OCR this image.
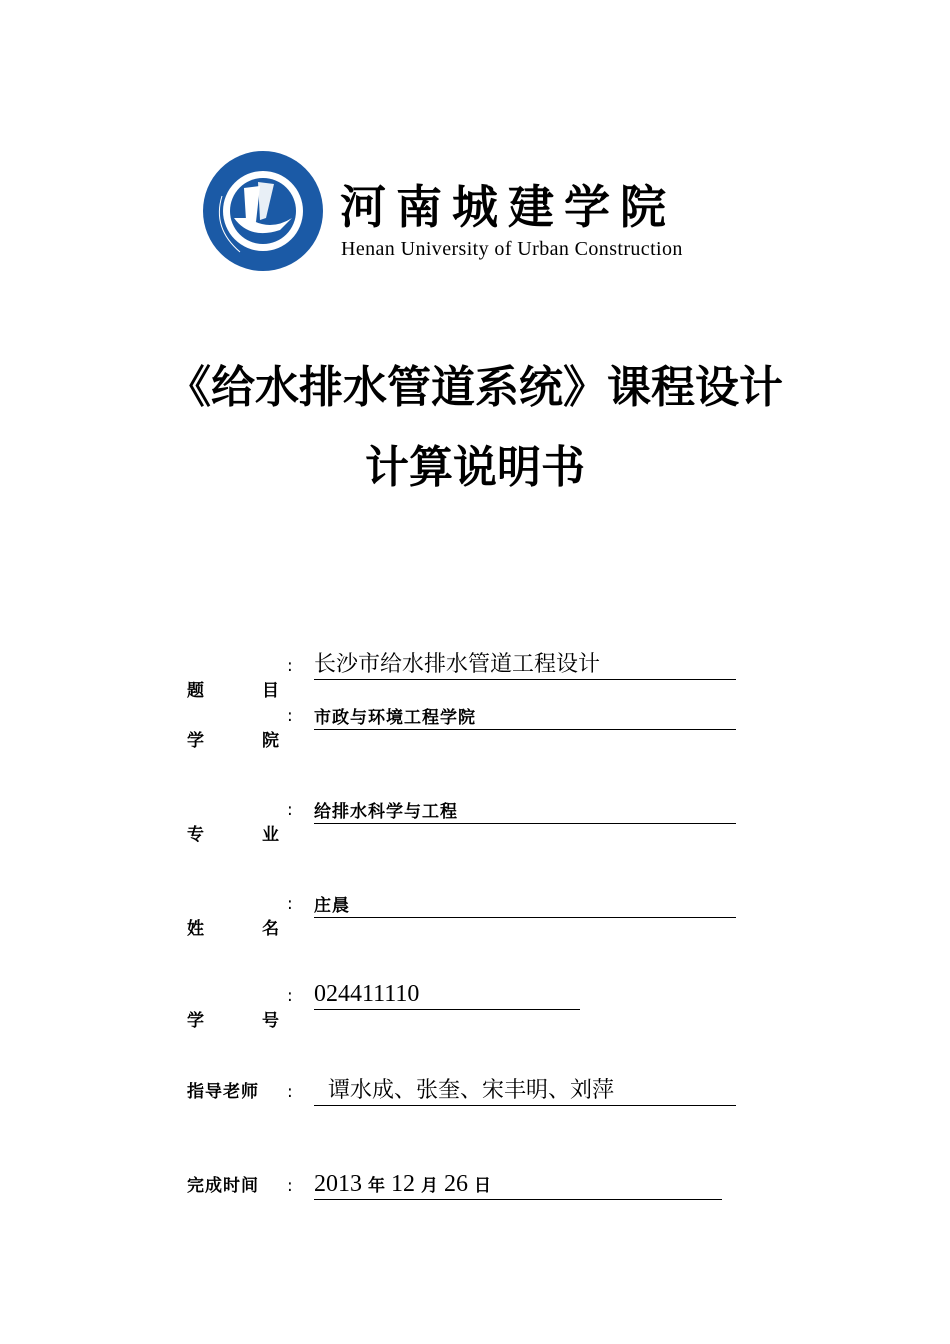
河南城建学院
Henan University of Urban Construction
《给水排水管道系统》课程设计
计算说明书
题	目
: 长沙市给水排水管道工程设计
学	院
: 市政与环境工程学院
专	业
: 给排水科学与工程
姓	名
: 庄晨
学	号
: 024411110
指导老师 : 谭水成、张奎、宋丰明、刘萍
完成时间 : 2013 年 12 月 26 日
